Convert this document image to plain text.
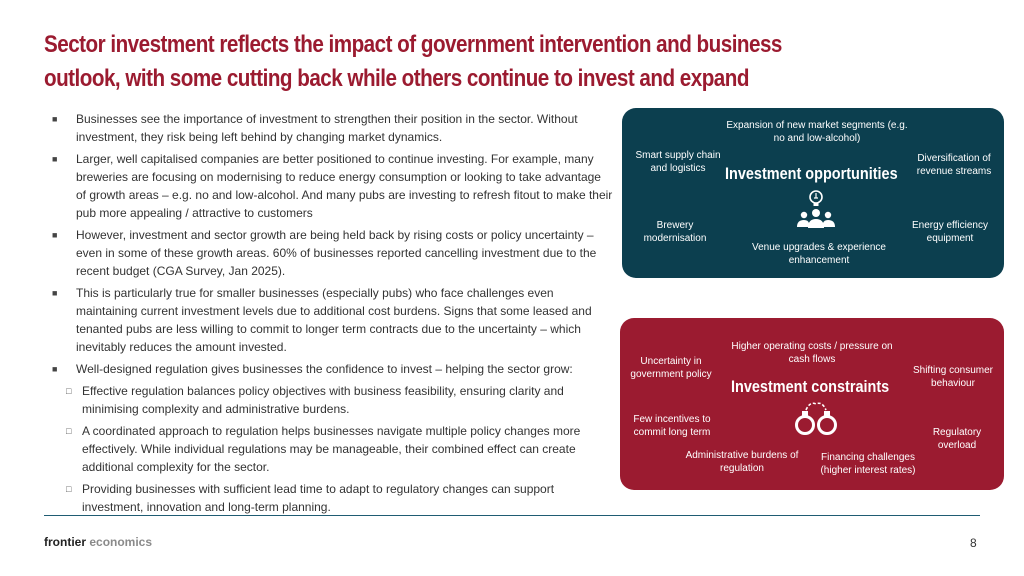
Sector investment reflects the impact of government intervention and business
outlook, with some cutting back while others continue to invest and expand
■ Businesses see the importance of investment to strengthen their position in the sector. Without investment, they risk being left behind by changing market dynamics.
■ Larger, well capitalised companies are better positioned to continue investing. For example, many breweries are focusing on modernising to reduce energy consumption or looking to take advantage of growth areas – e.g. no and low-alcohol. And many pubs are investing to refresh fitout to make their pub more appealing / attractive to customers
■ However, investment and sector growth are being held back by rising costs or policy uncertainty – even in some of these growth areas. 60% of businesses reported cancelling investment due to the recent budget (CGA Survey, Jan 2025).
■ This is particularly true for smaller businesses (especially pubs) who face challenges even maintaining current investment levels due to additional cost burdens. Signs that some leased and tenanted pubs are less willing to commit to longer term contracts due to the uncertainty – which inevitably reduces the amount invested.
■ Well-designed regulation gives businesses the confidence to invest – helping the sector grow:
□ Effective regulation balances policy objectives with business feasibility, ensuring clarity and minimising complexity and administrative burdens.
□ A coordinated approach to regulation helps businesses navigate multiple policy changes more effectively. While individual regulations may be manageable, their combined effect can create additional complexity for the sector.
□ Providing businesses with sufficient lead time to adapt to regulatory changes can support investment, innovation and long-term planning.
Expansion of new market segments (e.g. no and low-alcohol)
Smart supply chain and logistics
Diversification of revenue streams
Investment opportunities
Brewery modernisation
Energy efficiency equipment
Venue upgrades & experience enhancement
Higher operating costs / pressure on cash flows
Uncertainty in government policy	Shifting consumer behaviour
Investment constraints
Few incentives to commit long term	Regulatory overload
Administrative burdens of regulation
Financing challenges (higher interest rates)
frontier economics	8
